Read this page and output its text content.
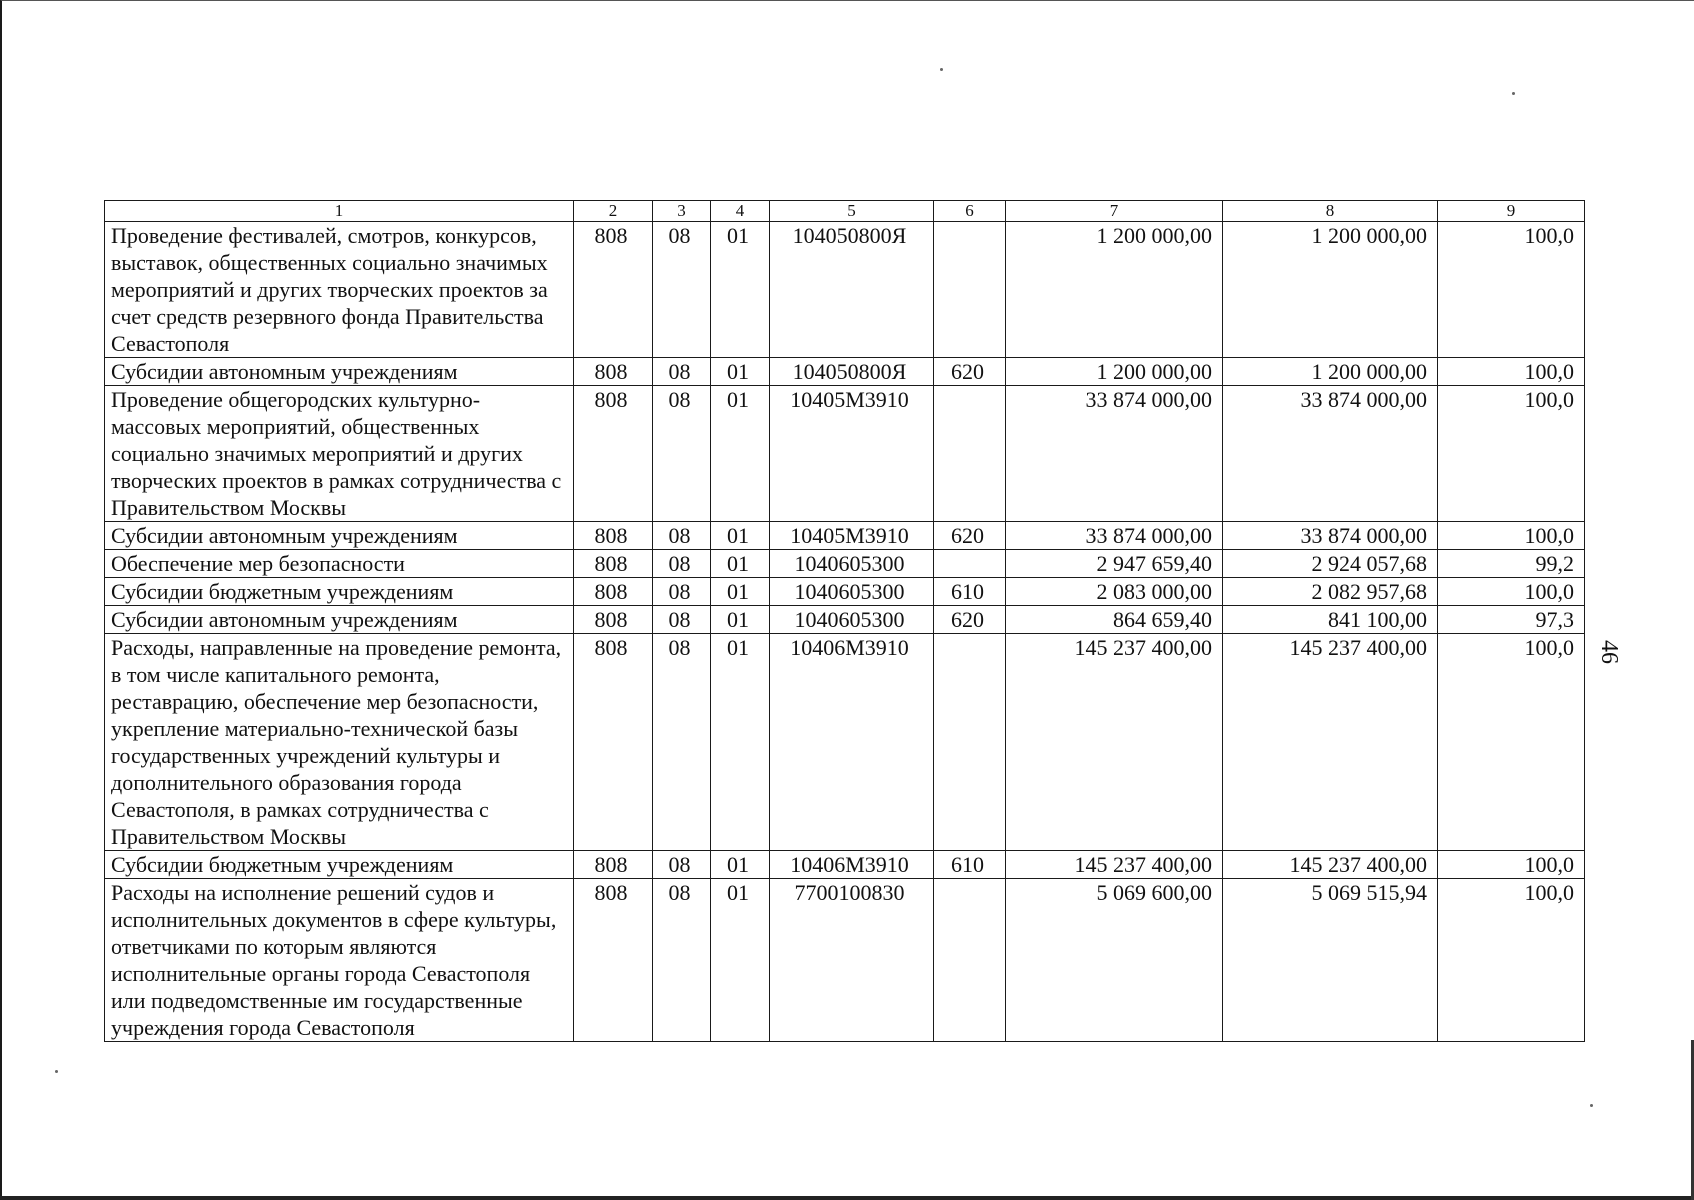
46
1	2	3	4	5	6	7	8	9
Проведение фестивалей, смотров, конкурсов, выставок, общественных социально значимых мероприятий и других творческих проектов за счет средств резервного фонда Правительства Севастополя	808	08	01	104050800Я		1 200 000,00	1 200 000,00	100,0
Субсидии автономным учреждениям	808	08	01	104050800Я	620	1 200 000,00	1 200 000,00	100,0
Проведение общегородских культурно-массовых мероприятий, общественных социально значимых мероприятий и других творческих проектов в рамках сотрудничества с Правительством Москвы	808	08	01	10405М3910		33 874 000,00	33 874 000,00	100,0
Субсидии автономным учреждениям	808	08	01	10405М3910	620	33 874 000,00	33 874 000,00	100,0
Обеспечение мер безопасности	808	08	01	1040605300		2 947 659,40	2 924 057,68	99,2
Субсидии бюджетным учреждениям	808	08	01	1040605300	610	2 083 000,00	2 082 957,68	100,0
Субсидии автономным учреждениям	808	08	01	1040605300	620	864 659,40	841 100,00	97,3
Расходы, направленные на проведение ремонта, в том числе капитального ремонта, реставрацию, обеспечение мер безопасности, укрепление материально-технической базы государственных учреждений культуры и дополнительного образования города Севастополя, в рамках сотрудничества с Правительством Москвы	808	08	01	10406М3910		145 237 400,00	145 237 400,00	100,0
Субсидии бюджетным учреждениям	808	08	01	10406М3910	610	145 237 400,00	145 237 400,00	100,0
Расходы на исполнение решений судов и исполнительных документов в сфере культуры, ответчиками по которым являются исполнительные органы города Севастополя или подведомственные им государственные учреждения города Севастополя	808	08	01	7700100830		5 069 600,00	5 069 515,94	100,0
